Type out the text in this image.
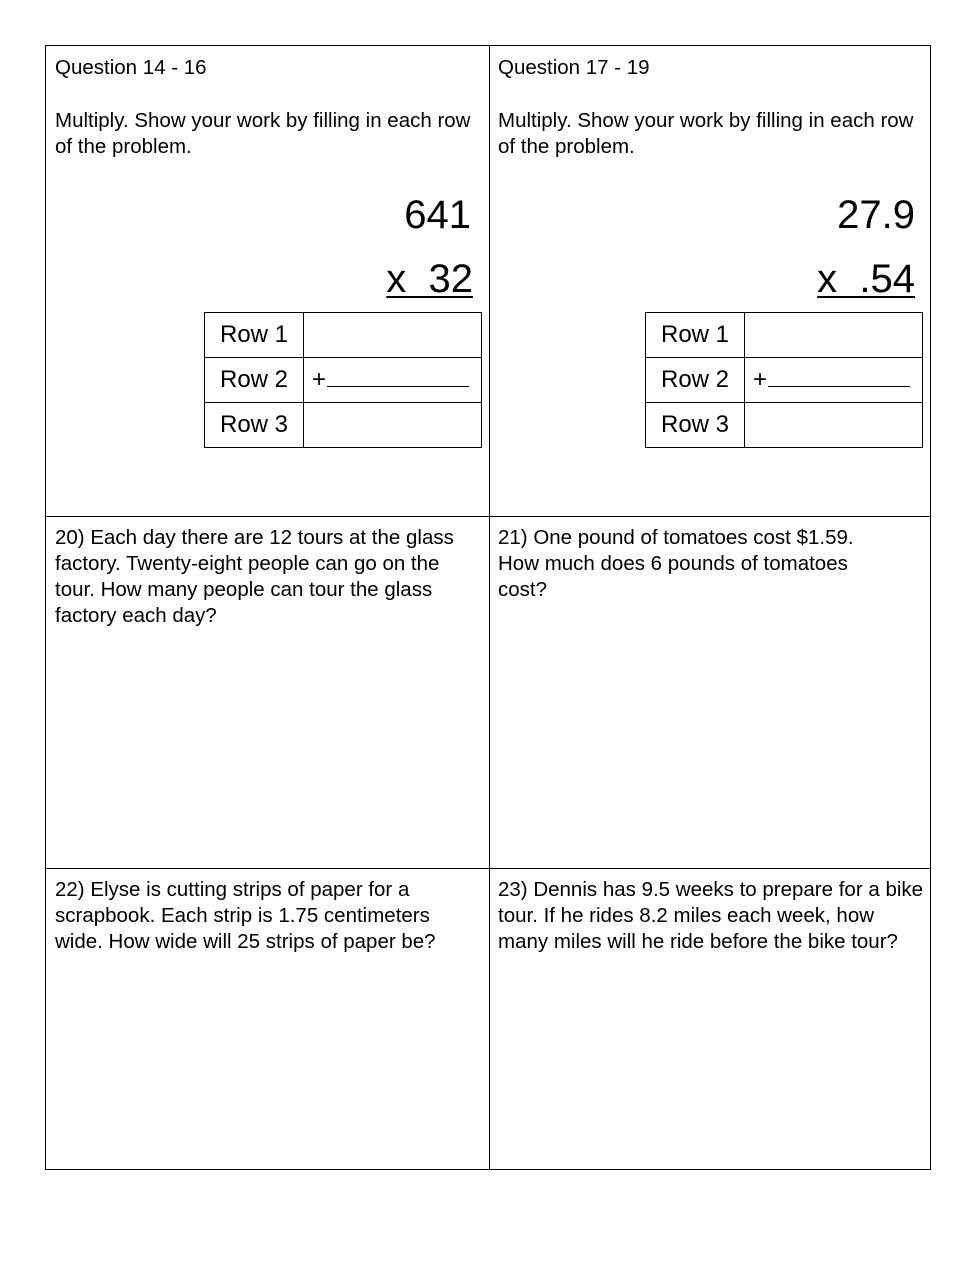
Question 14 - 16

Multiply. Show your work by filling in each row of the problem.

641
x  32
Row 1	
Row 2	+
Row 3	

Question 17 - 19

Multiply. Show your work by filling in each row of the problem.

27.9
x  .54
Row 1	
Row 2	+
Row 3	

20) Each day there are 12 tours at the glass factory. Twenty-eight people can go on the tour. How many people can tour the glass factory each day?

21) One pound of tomatoes cost $1.59. How much does 6 pounds of tomatoes cost?

22) Elyse is cutting strips of paper for a scrapbook. Each strip is 1.75 centimeters wide. How wide will 25 strips of paper be?

23) Dennis has 9.5 weeks to prepare for a bike tour. If he rides 8.2 miles each week, how many miles will he ride before the bike tour?
